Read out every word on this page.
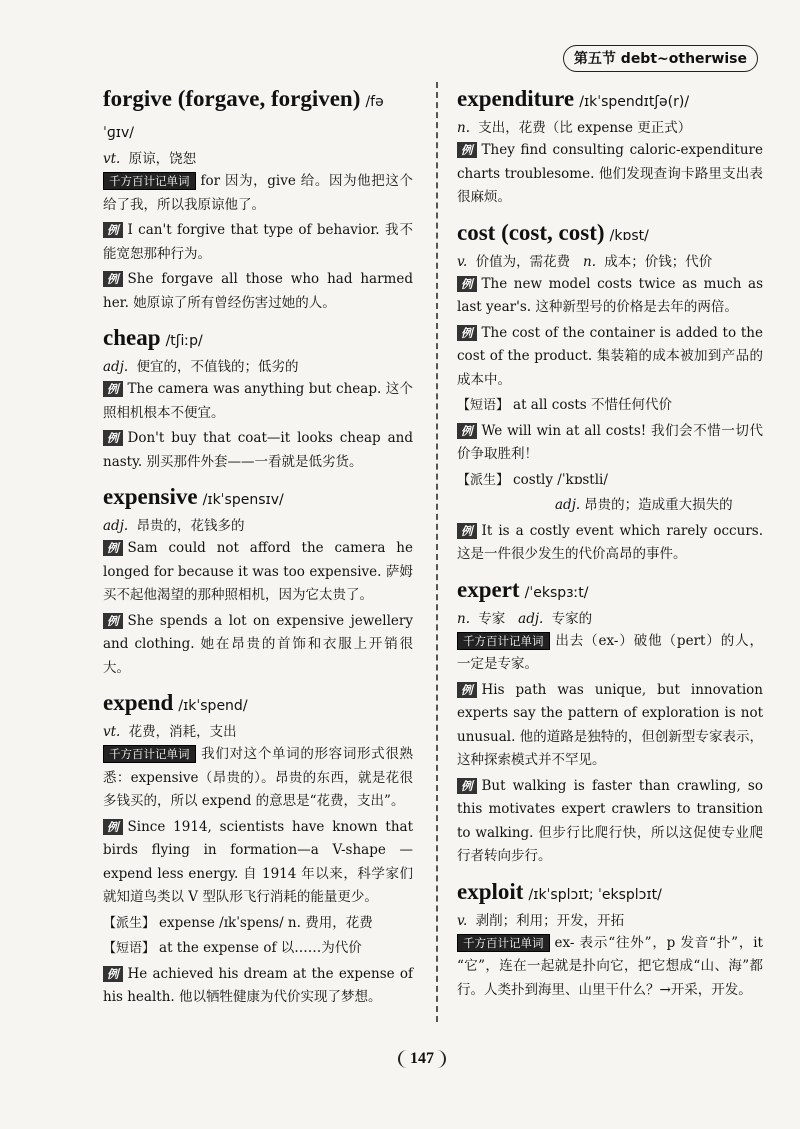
第五节 debt~otherwise

forgive (forgave, forgiven) /fəˈɡɪv/

vt. 原谅，饶恕

千方百计记单词 for 因为，give 给。因为他把这个给了我，所以我原谅他了。

例 I can't forgive that type of behavior. 我不能宽恕那种行为。

例 She forgave all those who had harmed her. 她原谅了所有曾经伤害过她的人。

cheap /tʃiːp/

adj. 便宜的，不值钱的；低劣的

例 The camera was anything but cheap. 这个照相机根本不便宜。

例 Don't buy that coat—it looks cheap and nasty. 别买那件外套——一看就是低劣货。

expensive /ɪkˈspensɪv/

adj. 昂贵的，花钱多的

例 Sam could not afford the camera he longed for because it was too expensive. 萨姆买不起他渴望的那种照相机，因为它太贵了。

例 She spends a lot on expensive jewellery and clothing. 她在昂贵的首饰和衣服上开销很大。

expend /ɪkˈspend/

vt. 花费，消耗，支出

千方百计记单词 我们对这个单词的形容词形式很熟悉：expensive（昂贵的）。昂贵的东西，就是花很多钱买的，所以 expend 的意思是“花费，支出”。

例 Since 1914, scientists have known that birds flying in formation—a V-shape —expend less energy. 自 1914 年以来，科学家们就知道鸟类以 V 型队形飞行消耗的能量更少。

【派生】 expense /ɪkˈspens/ n. 费用，花费

【短语】 at the expense of 以……为代价

例 He achieved his dream at the expense of his health. 他以牺牲健康为代价实现了梦想。

expenditure /ɪkˈspendɪtʃə(r)/

n. 支出，花费（比 expense 更正式）

例 They find consulting caloric-expenditure charts troublesome. 他们发现查询卡路里支出表很麻烦。

cost (cost, cost) /kɒst/

v. 价值为，需花费 n. 成本；价钱；代价

例 The new model costs twice as much as last year's. 这种新型号的价格是去年的两倍。

例 The cost of the container is added to the cost of the product. 集装箱的成本被加到产品的成本中。

【短语】 at all costs 不惜任何代价

例 We will win at all costs! 我们会不惜一切代价争取胜利！

【派生】 costly /ˈkɒstli/

adj. 昂贵的；造成重大损失的

例 It is a costly event which rarely occurs. 这是一件很少发生的代价高昂的事件。

expert /ˈekspɜːt/

n. 专家 adj. 专家的

千方百计记单词 出去（ex-）破他（pert）的人，一定是专家。

例 His path was unique, but innovation experts say the pattern of exploration is not unusual. 他的道路是独特的，但创新型专家表示，这种探索模式并不罕见。

例 But walking is faster than crawling, so this motivates expert crawlers to transition to walking. 但步行比爬行快，所以这促使专业爬行者转向步行。

exploit /ɪkˈsplɔɪt; ˈeksplɔɪt/

v. 剥削；利用；开发，开拓

千方百计记单词 ex- 表示“往外”，p 发音“扑”，it “它”，连在一起就是扑向它，把它想成“山、海”都行。人类扑到海里、山里干什么？→开采，开发。

147
